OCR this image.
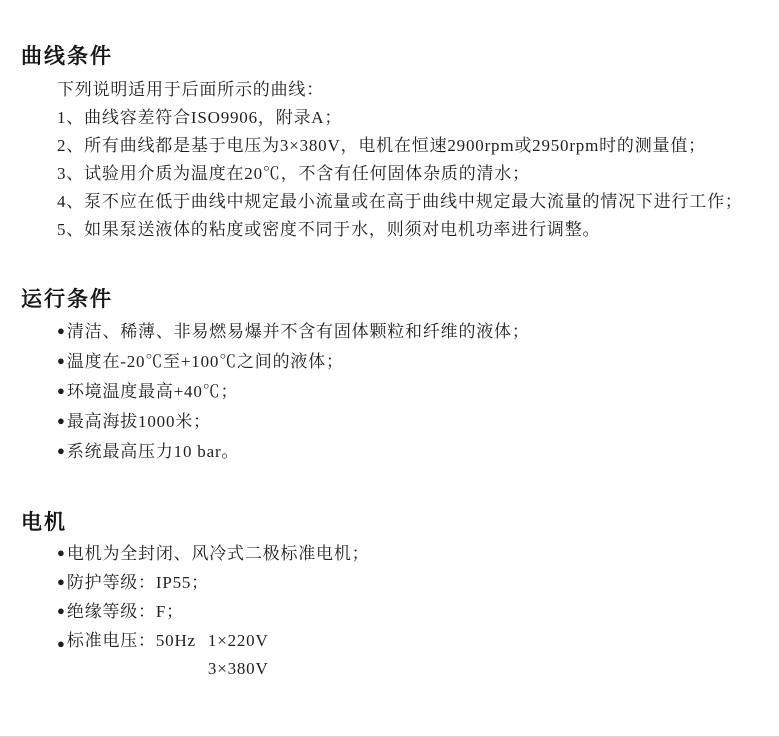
曲线条件

下列说明适用于后面所示的曲线：

1、曲线容差符合ISO9906，附录A；
2、所有曲线都是基于电压为3×380V，电机在恒速2900rpm或2950rpm时的测量值；
3、试验用介质为温度在20℃，不含有任何固体杂质的清水；
4、泵不应在低于曲线中规定最小流量或在高于曲线中规定最大流量的情况下进行工作；
5、如果泵送液体的粘度或密度不同于水，则须对电机功率进行调整。
运行条件
● 清洁、稀薄、非易燃易爆并不含有固体颗粒和纤维的液体；
● 温度在-20℃至+100℃之间的液体；
● 环境温度最高+40℃；
● 最高海拔1000米；
● 系统最高压力10 bar。
电机
● 电机为全封闭、风冷式二极标准电机；
● 防护等级：IP55；
● 绝缘等级：F；
● 标准电压：50Hz 1×220V
3×380V
